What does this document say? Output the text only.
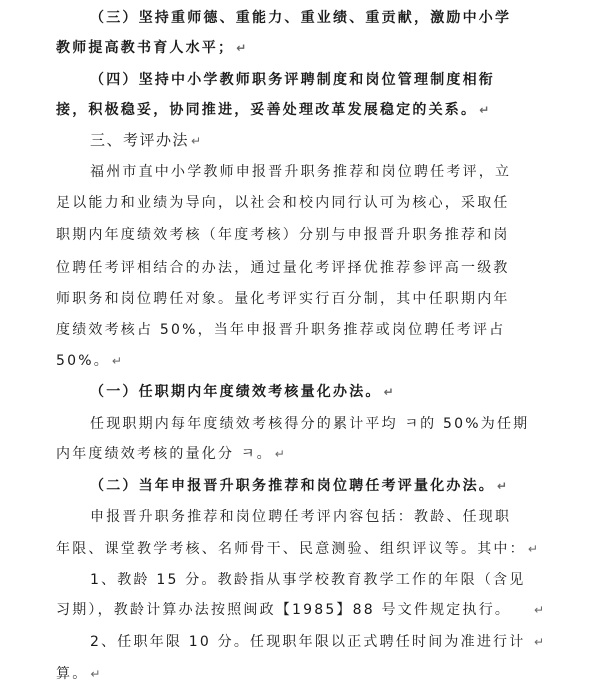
（三）坚持重师德、重能力、重业绩、重贡献，激励中小学
教师提高教书育人水平； ↵
（四）坚持中小学教师职务评聘制度和岗位管理制度相衔
接，积极稳妥，协同推进，妥善处理改革发展稳定的关系。 ↵
三、考评办法 ↵
福州市直中小学教师申报晋升职务推荐和岗位聘任考评，立
足以能力和业绩为导向，以社会和校内同行认可为核心，采取任
职期内年度绩效考核（年度考核）分别与申报晋升职务推荐和岗
位聘任考评相结合的办法，通过量化考评择优推荐参评高一级教
师职务和岗位聘任对象。量化考评实行百分制，其中任职期内年
度绩效考核占 50%，当年申报晋升职务推荐或岗位聘任考评占
50%。 ↵
（一）任职期内年度绩效考核量化办法。 ↵
任现职期内每年度绩效考核得分的累计平均 ㅋ的 50%为任期
内年度绩效考核的量化分 ㅋ。 ↵
（二）当年申报晋升职务推荐和岗位聘任考评量化办法。 ↵
申报晋升职务推荐和岗位聘任考评内容包括：教龄、任现职
年限、课堂教学考核、名师骨干、民意测验、组织评议等。其中： ↵
1、教龄 15 分。教龄指从事学校教育教学工作的年限（含见
习期），教龄计算办法按照闽政【1985】88 号文件规定执行。
2、任职年限 10 分。任现职年限以正式聘任时间为准进行计
算。 ↵
↵
↵
